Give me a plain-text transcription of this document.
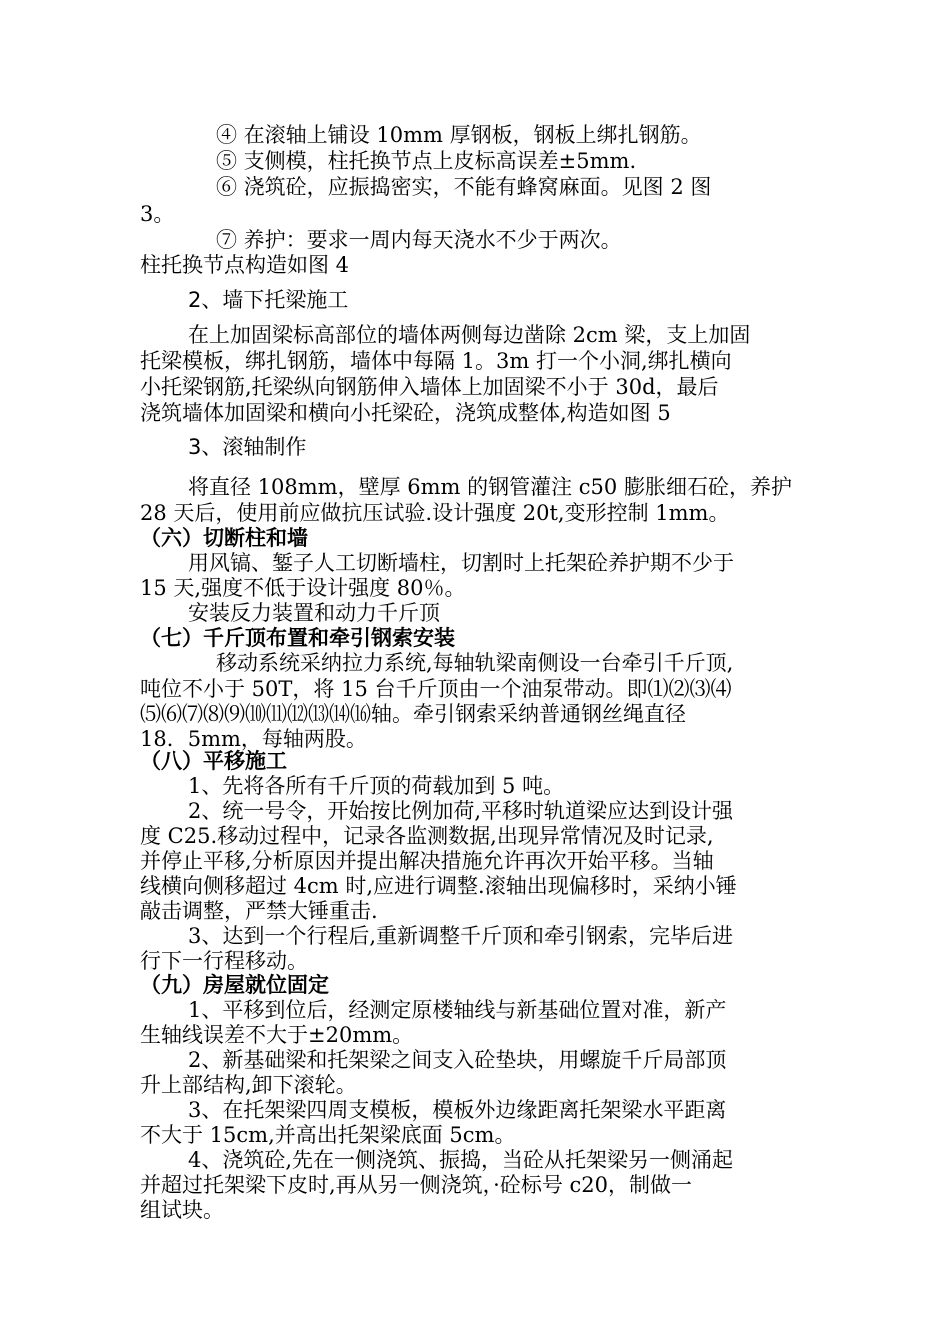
④ 在滚轴上铺设 10mm 厚钢板，钢板上绑扎钢筋。
⑤ 支侧模，柱托换节点上皮标高误差±5mm.
⑥ 浇筑砼，应振捣密实，不能有蜂窝麻面。见图 2 图
3。
⑦ 养护：要求一周内每天浇水不少于两次。
柱托换节点构造如图 4
2、墙下托梁施工
在上加固梁标高部位的墙体两侧每边凿除 2cm 梁，支上加固
托梁模板，绑扎钢筋，墙体中每隔 1。3m 打一个小洞,绑扎横向
小托梁钢筋,托梁纵向钢筋伸入墙体上加固梁不小于 30d，最后
浇筑墙体加固梁和横向小托梁砼，浇筑成整体,构造如图 5
3、滚轴制作
将直径 108mm，壁厚 6mm 的钢管灌注 c50 膨胀细石砼，养护
28 天后，使用前应做抗压试验.设计强度 20t,变形控制 1mm。
（六）切断柱和墙
用风镐、錾子人工切断墙柱，切割时上托架砼养护期不少于
15 天,强度不低于设计强度 80％。
安装反力装置和动力千斤顶
（七）千斤顶布置和牵引钢索安装
移动系统采纳拉力系统,每轴轨梁南侧设一台牵引千斤顶,
吨位不小于 50T，将 15 台千斤顶由一个油泵带动。即⑴⑵⑶⑷
⑸⑹⑺⑻⑼⑽⑾⑿⒀⒁⒃轴。牵引钢索采纳普通钢丝绳直径
18．5mm，每轴两股。
（八）平移施工
1、先将各所有千斤顶的荷载加到 5 吨。
2、统一号令，开始按比例加荷,平移时轨道梁应达到设计强
度 C25.移动过程中，记录各监测数据,出现异常情况及时记录,
并停止平移,分析原因并提出解决措施允许再次开始平移。当轴
线横向侧移超过 4cm 时,应进行调整.滚轴出现偏移时，采纳小锤
敲击调整，严禁大锤重击.
3、达到一个行程后,重新调整千斤顶和牵引钢索，完毕后进
行下一行程移动。
（九）房屋就位固定
1、平移到位后，经测定原楼轴线与新基础位置对准，新产
生轴线误差不大于±20mm。
2、新基础梁和托架梁之间支入砼垫块，用螺旋千斤局部顶
升上部结构,卸下滚轮。
3、在托架梁四周支模板，模板外边缘距离托架梁水平距离
不大于 15cm,并高出托架梁底面 5cm。
4、浇筑砼,先在一侧浇筑、振捣，当砼从托架梁另一侧涌起
并超过托架梁下皮时,再从另一侧浇筑，·砼标号 c20，制做一
组试块。
